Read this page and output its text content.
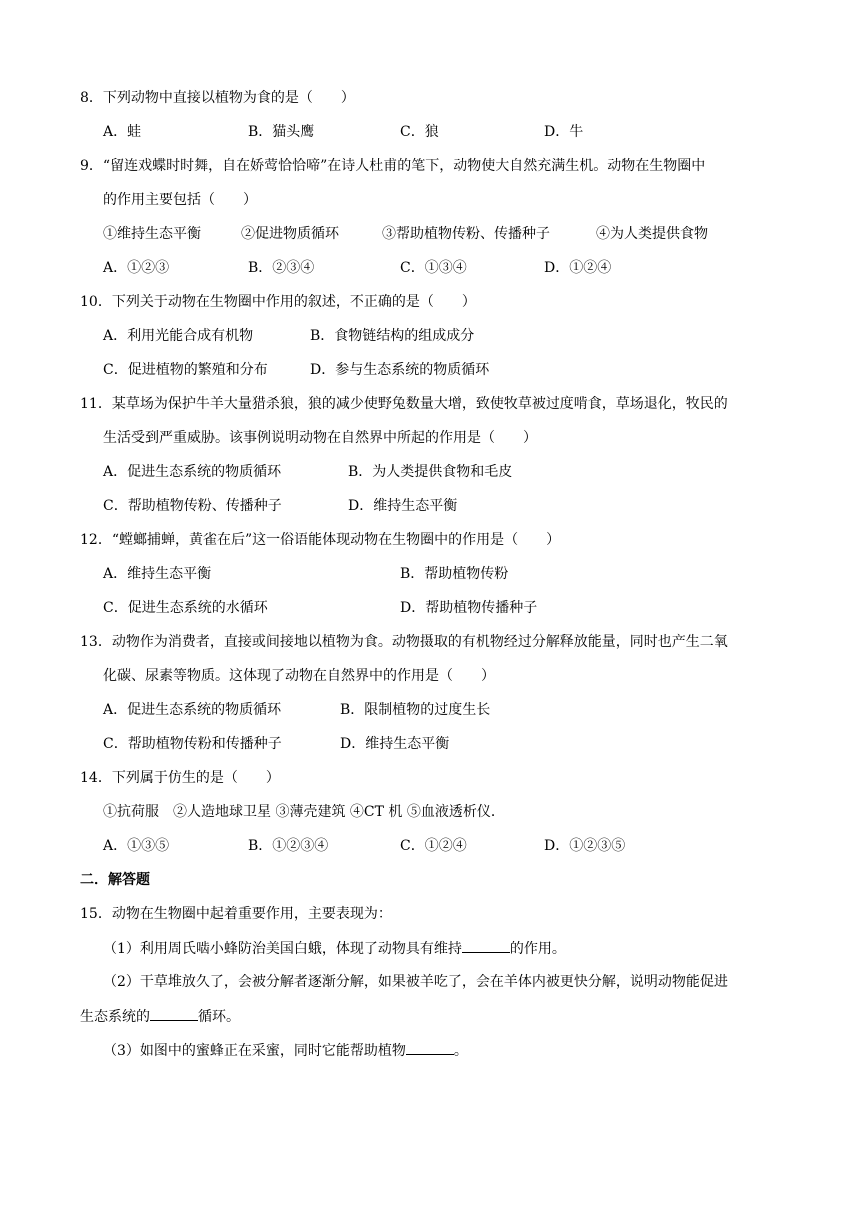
8．下列动物中直接以植物为食的是（　　）
A．蛙	B．猫头鹰	C．狼	D．牛
9．“留连戏蝶时时舞，自在娇莺恰恰啼”在诗人杜甫的笔下，动物使大自然充满生机。动物在生物圈中
的作用主要包括（　　）
①维持生态平衡	②促进物质循环	③帮助植物传粉、传播种子	④为人类提供食物
A．①②③	B．②③④	C．①③④	D．①②④
10．下列关于动物在生物圈中作用的叙述，不正确的是（　　）
A．利用光能合成有机物	B．食物链结构的组成成分
C．促进植物的繁殖和分布	D．参与生态系统的物质循环
11．某草场为保护牛羊大量猎杀狼，狼的减少使野兔数量大增，致使牧草被过度啃食，草场退化，牧民的
生活受到严重威胁。该事例说明动物在自然界中所起的作用是（　　）
A．促进生态系统的物质循环	B．为人类提供食物和毛皮
C．帮助植物传粉、传播种子	D．维持生态平衡
12．“螳螂捕蝉，黄雀在后”这一俗语能体现动物在生物圈中的作用是（　　）
A．维持生态平衡	B．帮助植物传粉
C．促进生态系统的水循环	D．帮助植物传播种子
13．动物作为消费者，直接或间接地以植物为食。动物摄取的有机物经过分解释放能量，同时也产生二氧
化碳、尿素等物质。这体现了动物在自然界中的作用是（　　）
A．促进生态系统的物质循环	B．限制植物的过度生长
C．帮助植物传粉和传播种子	D．维持生态平衡
14．下列属于仿生的是（　　）
①抗荷服　②人造地球卫星 ③薄壳建筑 ④CT 机 ⑤血液透析仪．
A．①③⑤	B．①②③④	C．①②④	D．①②③⑤
二．解答题
15．动物在生物圈中起着重要作用，主要表现为：
（1）利用周氏啮小蜂防治美国白蛾，体现了动物具有维持	的作用。
（2）干草堆放久了，会被分解者逐渐分解，如果被羊吃了，会在羊体内被更快分解，说明动物能促进
生态系统的	循环。
（3）如图中的蜜蜂正在采蜜，同时它能帮助植物	。
